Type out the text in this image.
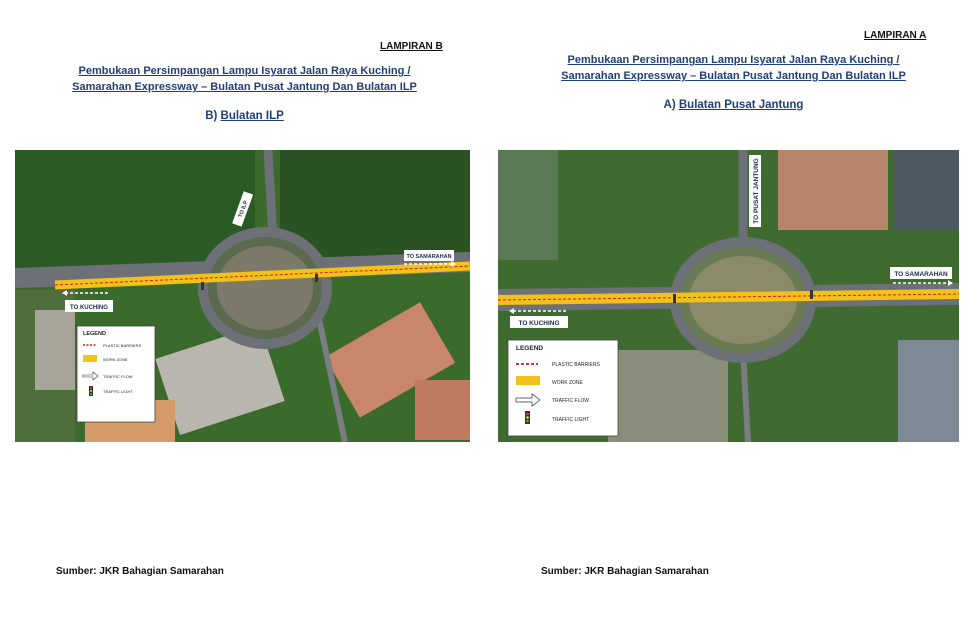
LAMPIRAN B
Pembukaan Persimpangan Lampu Isyarat Jalan Raya Kuching /
Samarahan Expressway – Bulatan Pusat Jantung Dan Bulatan ILP
B) Bulatan ILP
TO KUCHING
TO SAMARAHAN
TO ILP
LEGEND
PLASTIC BARRIERS
WORK ZONE
TRAFFIC FLOW
TRAFFIC LIGHT
Sumber: JKR Bahagian Samarahan
LAMPIRAN A
Pembukaan Persimpangan Lampu Isyarat Jalan Raya Kuching /
Samarahan Expressway – Bulatan Pusat Jantung Dan Bulatan ILP
A) Bulatan Pusat Jantung
TO KUCHING
TO SAMARAHAN
TO PUSAT JANTUNG
LEGEND
PLASTIC BARRIERS
WORK ZONE
TRAFFIC FLOW
TRAFFIC LIGHT
Sumber: JKR Bahagian Samarahan
